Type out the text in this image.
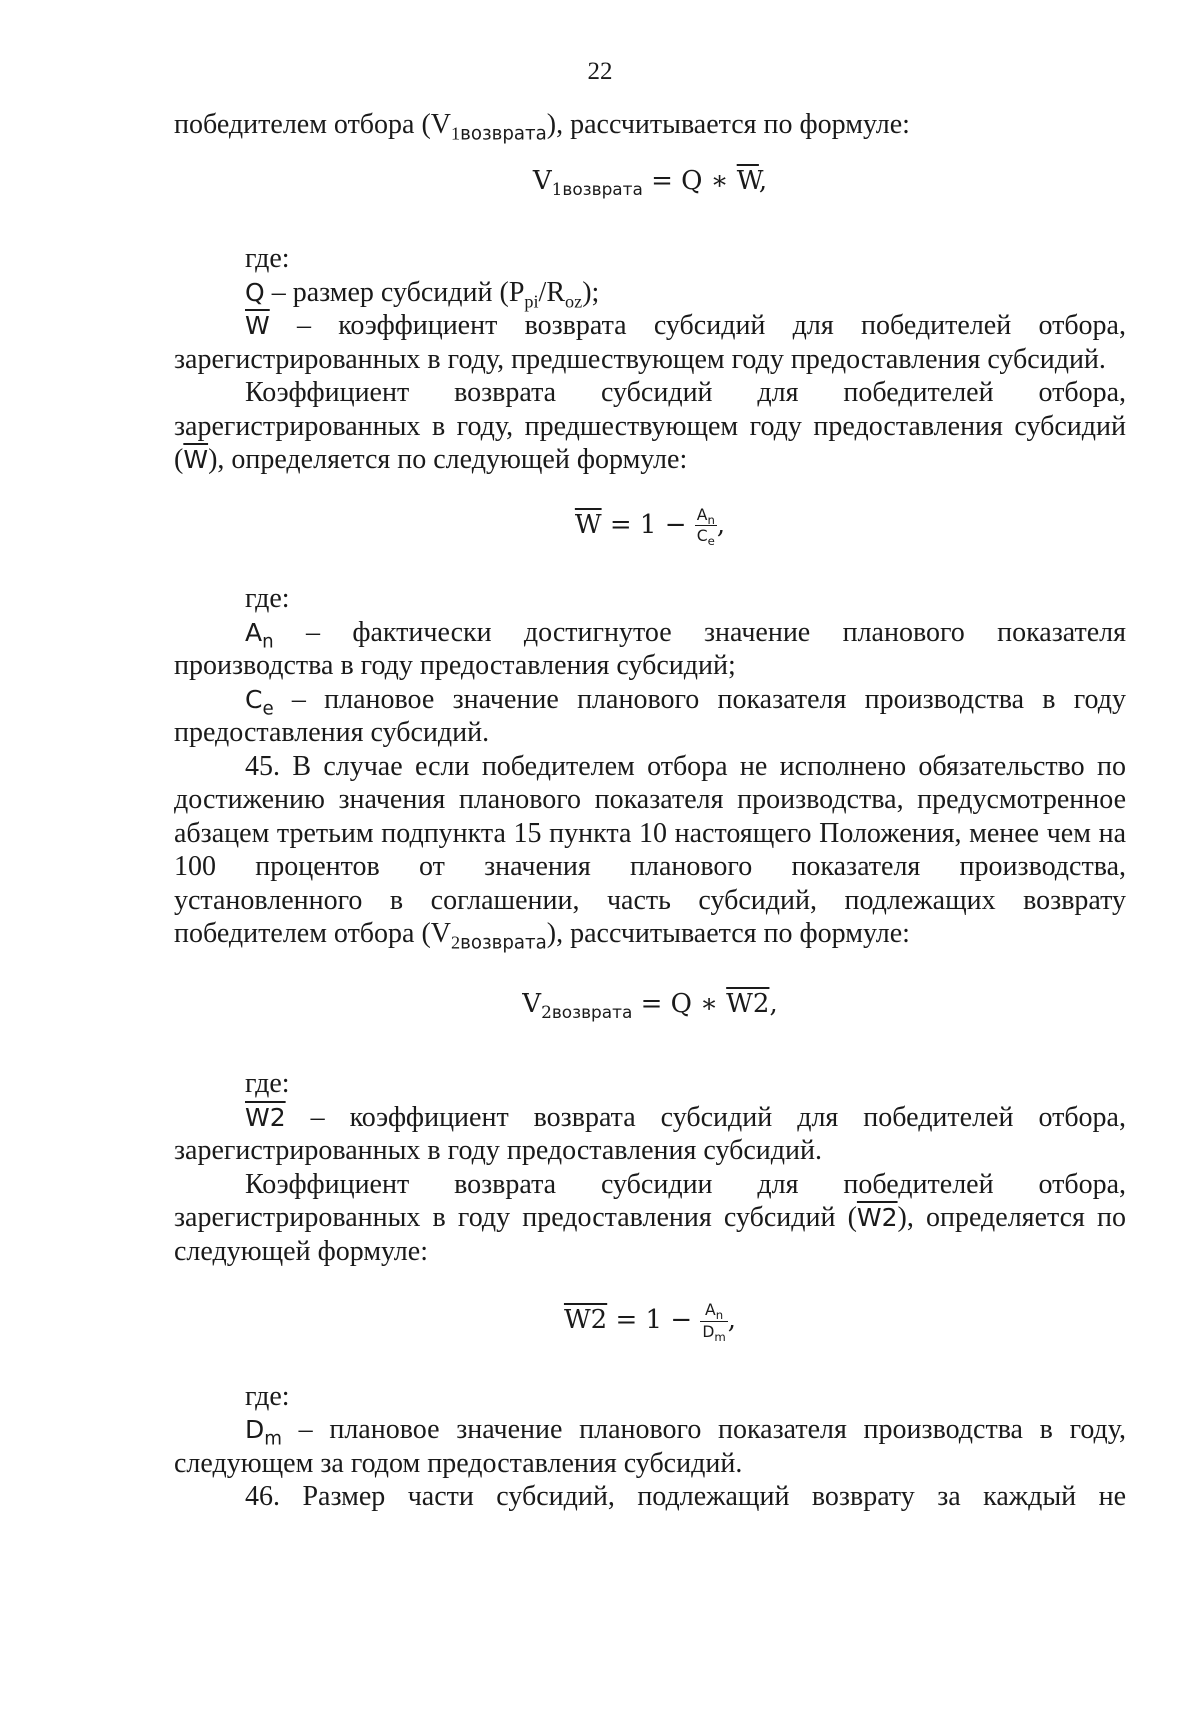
22

победителем отбора $(V_{1возврата})$, рассчитывается по формуле:

$V_{1возврата} = Q$ ∗ $\overline{W}$,

где:

Q – размер субсидий $(P_{pi}/R_{oz})$;

$\overline{W}$ – коэффициент возврата субсидий для победителей отбора, зарегистрированных в году, предшествующем году предоставления субсидий.

Коэффициент возврата субсидий для победителей отбора, зарегистрированных в году, предшествующем году предоставления субсидий $(\overline{W})$, определяется по следующей формуле:

$\overline{W} = 1 - \frac{A_n}{C_e}$ ,

где:

$A_n$ – фактически достигнутое значение планового показателя производства в году предоставления субсидий;

$C_e$ – плановое значение планового показателя производства в году предоставления субсидий.

45. В случае если победителем отбора не исполнено обязательство по достижению значения планового показателя производства, предусмотренное абзацем третьим подпункта 15 пункта 10 настоящего Положения, менее чем на 100 процентов от значения планового показателя производства, установленного в соглашении, часть субсидий, подлежащих возврату победителем отбора $(V_{2возврата})$, рассчитывается по формуле:

$V_{2возврата} = Q$ ∗ W2,

где:

W2 – коэффициент возврата субсидий для победителей отбора, зарегистрированных в году предоставления субсидий.

Коэффициент возврата субсидии для победителей отбора, зарегистрированных в году предоставления субсидий (W2), определяется по следующей формуле:

$W2 = 1 - \frac{A_n}{D_m}$ ,

где:

$D_m$ – плановое значение планового показателя производства в году, следующем за годом предоставления субсидий.

46. Размер части субсидий, подлежащий возврату за каждый не
